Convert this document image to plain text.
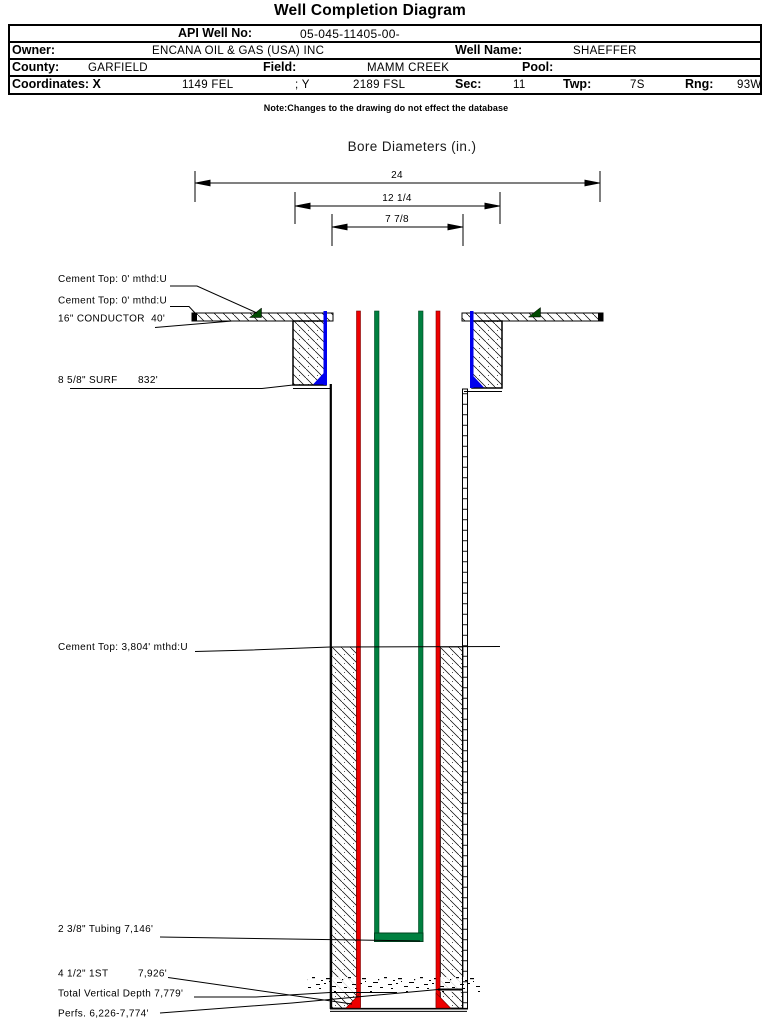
24
12 1/4
7 7/8
Cement Top: 0' mthd:U
Cement Top: 0' mthd:U
16" CONDUCTOR  40'
8 5/8" SURF 832'
Cement Top: 3,804' mthd:U
2 3/8" Tubing 7,146'
4 1/2" 1ST	7,926'
Total Vertical Depth 7,779'
Perfs. 6,226-7,774'
Well Completion Diagram
API Well No:	05-045-11405-00-
Owner:	ENCANA OIL & GAS (USA) INC	Well Name:	SHAEFFER
County:	GARFIELD	Field:	MAMM CREEK	Pool:
Coordinates: X	1149 FEL	; Y	2189 FSL	Sec:	11	Twp:	7S	Rng: 93W
Note:Changes to the drawing do not effect the database
Bore Diameters (in.)
